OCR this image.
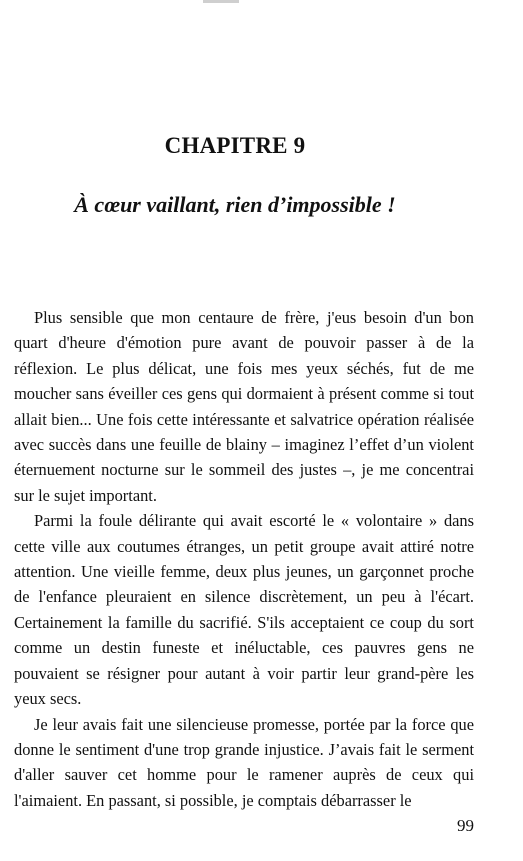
CHAPITRE 9
À cœur vaillant, rien d’impossible !

Plus sensible que mon centaure de frère, j'eus besoin d'un bon quart d'heure d'émotion pure avant de pouvoir passer à de la réflexion. Le plus délicat, une fois mes yeux séchés, fut de me moucher sans éveiller ces gens qui dormaient à présent comme si tout allait bien... Une fois cette intéressante et salvatrice opération réalisée avec succès dans une feuille de blainy – imaginez l’effet d’un violent éternuement nocturne sur le sommeil des justes –, je me concentrai sur le sujet important.

Parmi la foule délirante qui avait escorté le « volontaire » dans cette ville aux coutumes étranges, un petit groupe avait attiré notre attention. Une vieille femme, deux plus jeunes, un garçonnet proche de l'enfance pleuraient en silence discrètement, un peu à l'écart. Certainement la famille du sacrifié. S'ils acceptaient ce coup du sort comme un destin funeste et inéluctable, ces pauvres gens ne pouvaient se résigner pour autant à voir partir leur grand-père les yeux secs.

Je leur avais fait une silencieuse promesse, portée par la force que donne le sentiment d'une trop grande injustice. J’avais fait le serment d'aller sauver cet homme pour le ramener auprès de ceux qui l'aimaient. En passant, si possible, je comptais débarrasser le

99
